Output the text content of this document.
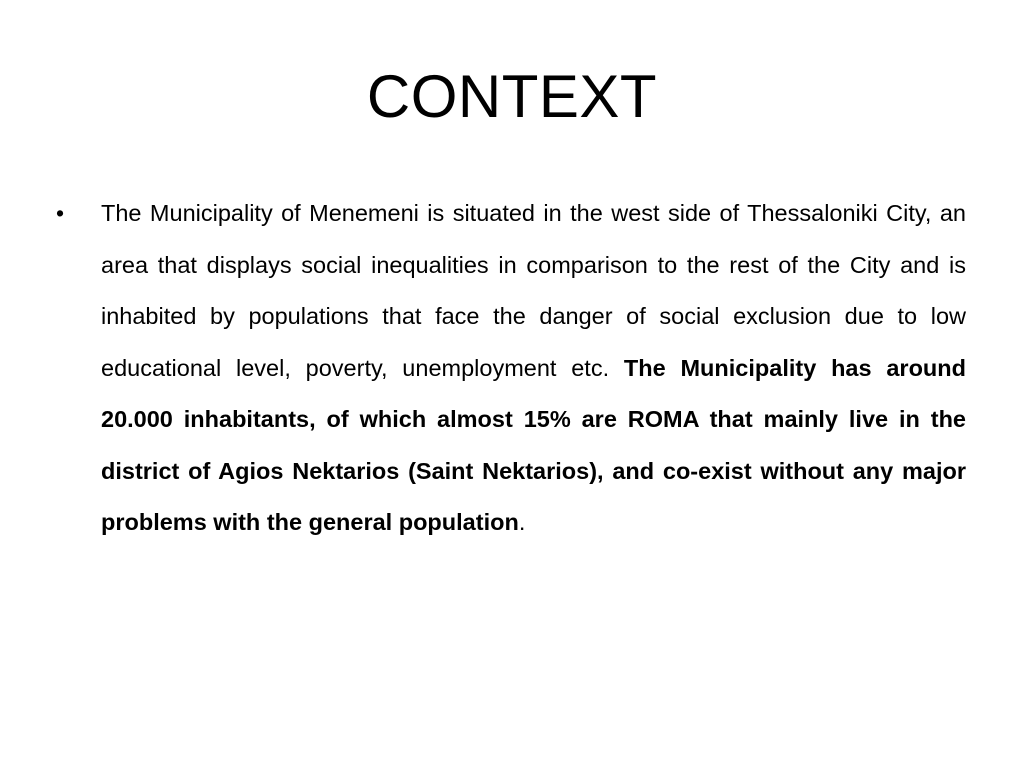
CONTEXT
• The Municipality of Menemeni is situated in the west side of Thessaloniki City, an area that displays social inequalities in comparison to the rest of the City and is inhabited by populations that face the danger of social exclusion due to low educational level, poverty, unemployment etc. The Municipality has around 20.000 inhabitants, of which almost 15% are ROMA that mainly live in the district of Agios Nektarios (Saint Nektarios), and co-exist without any major problems with the general population.
